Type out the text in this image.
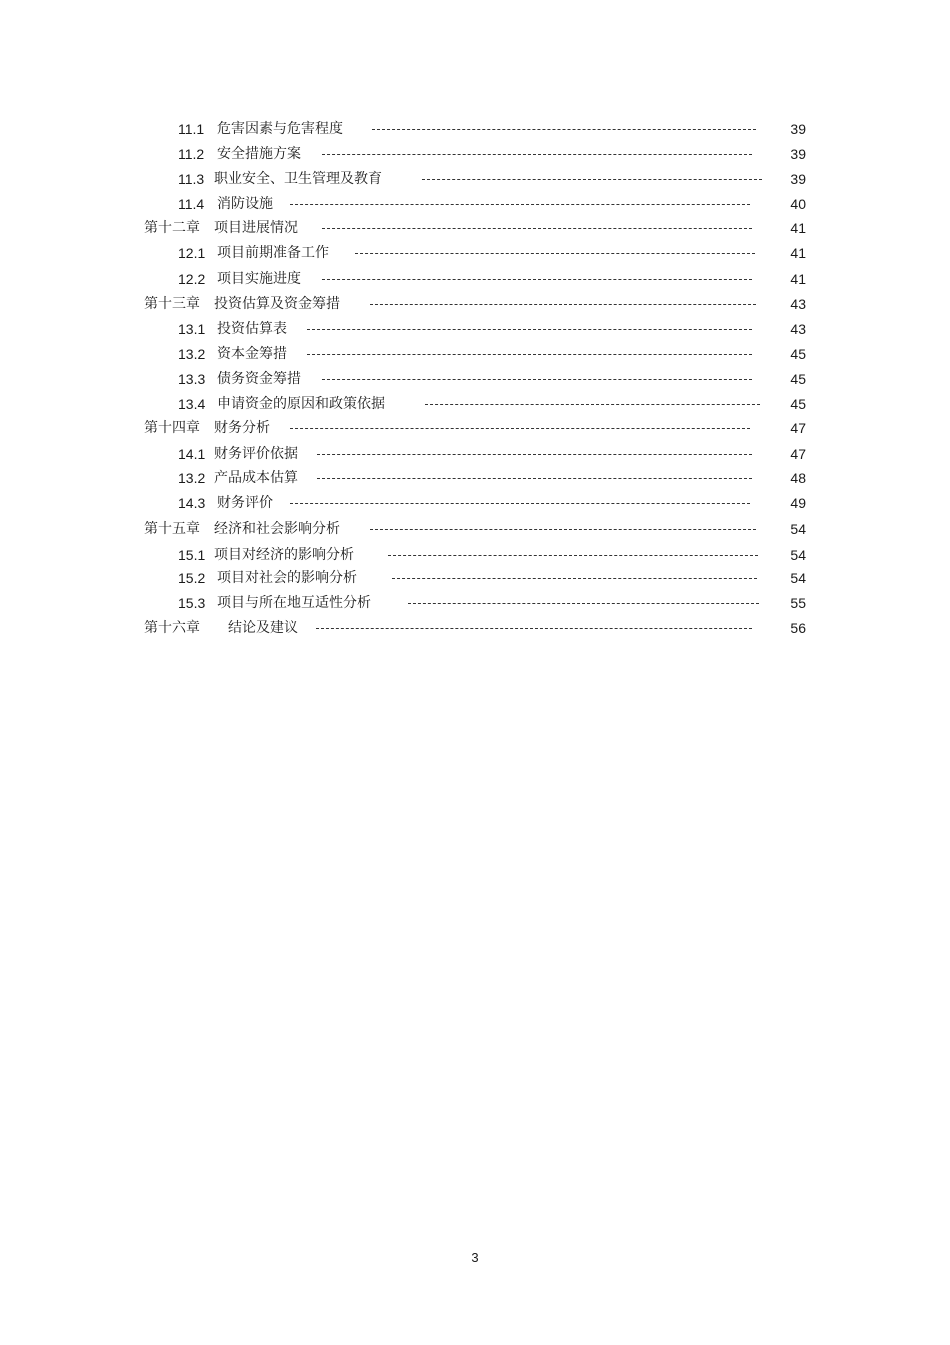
11.1 危害因素与危害程度	39
11.2 安全措施方案	39
11.3 职业安全、卫生管理及教育	39
11.4 消防设施	40
第十二章　项目进展情况	41
12.1 项目前期准备工作	41
12.2 项目实施进度	41
第十三章　投资估算及资金筹措	43
13.1 投资估算表	43
13.2 资本金筹措	45
13.3 债务资金筹措	45
13.4 申请资金的原因和政策依据	45
第十四章　财务分析	47
14.1 财务评价依据	47
13.2 产品成本估算	48
14.3 财务评价	49
第十五章　经济和社会影响分析	54
15.1 项目对经济的影响分析	54
15.2 项目对社会的影响分析	54
15.3 项目与所在地互适性分析	55
第十六章　　结论及建议	56
3
